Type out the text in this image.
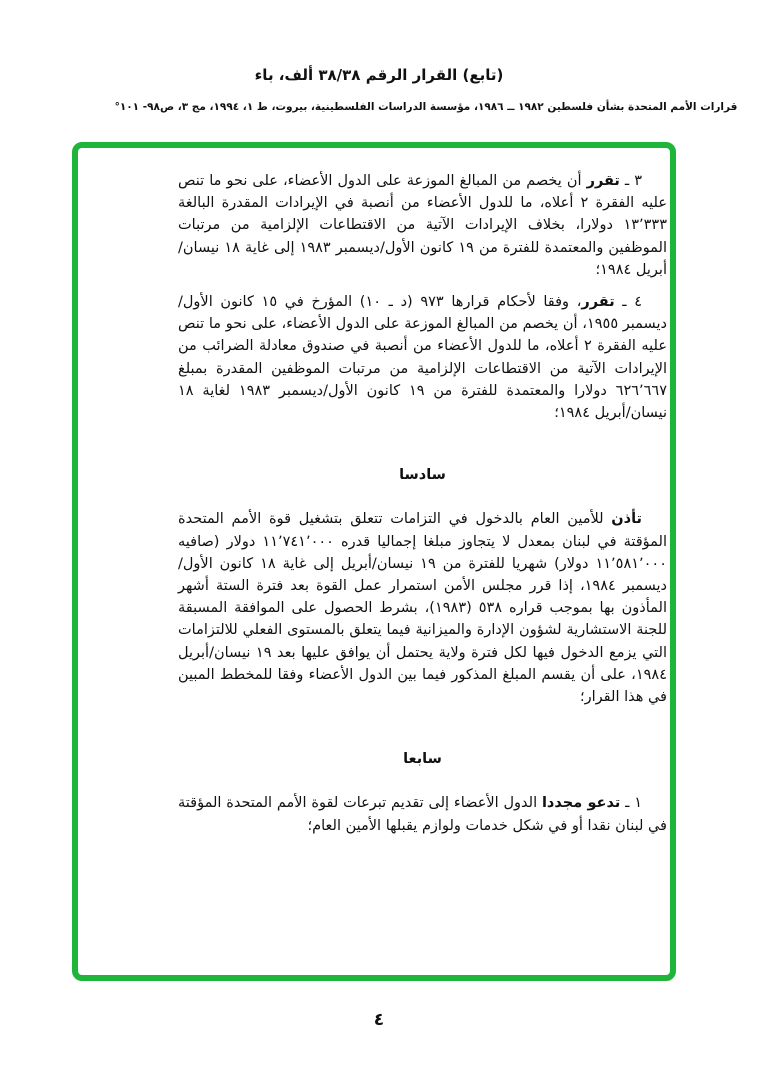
(تابع) القرار الرقم ٣٨/٣٨ ألف، باء
قرارات الأمم المتحدة بشأن فلسطين ١٩٨٢ ــ ١٩٨٦، مؤسسة الدراسات الفلسطينية، بيروت، ط ١، ١٩٩٤، مج ٣، ص٩٨- ١٠١°

٣ ـ تقرر أن يخصم من المبالغ الموزعة على الدول الأعضاء، على نحو ما تنص عليه الفقرة ٢ أعلاه، ما للدول الأعضاء من أنصبة في الإيرادات المقدرة البالغة ١٣٬٣٣٣ دولارا، بخلاف الإيرادات الآتية من الاقتطاعات الإلزامية من مرتبات الموظفين والمعتمدة للفترة من ١٩ كانون الأول/ديسمبر ١٩٨٣ إلى غاية ١٨ نيسان/أبريل ١٩٨٤؛

٤ ـ تقرر، وفقا لأحكام قرارها ٩٧٣ (د ـ ١٠) المؤرخ في ١٥ كانون الأول/ديسمبر ١٩٥٥، أن يخصم من المبالغ الموزعة على الدول الأعضاء، على نحو ما تنص عليه الفقرة ٢ أعلاه، ما للدول الأعضاء من أنصبة في صندوق معادلة الضرائب من الإيرادات الآتية من الاقتطاعات الإلزامية من مرتبات الموظفين المقدرة بمبلغ ٦٢٦٬٦٦٧ دولارا والمعتمدة للفترة من ١٩ كانون الأول/ديسمبر ١٩٨٣ لغاية ١٨ نيسان/أبريل ١٩٨٤؛

سادسا

تأذن للأمين العام بالدخول في التزامات تتعلق بتشغيل قوة الأمم المتحدة المؤقتة في لبنان بمعدل لا يتجاوز مبلغا إجماليا قدره ١١٬٧٤١٬٠٠٠ دولار (صافيه ١١٬٥٨١٬٠٠٠ دولار) شهريا للفترة من ١٩ نيسان/أبريل إلى غاية ١٨ كانون الأول/ديسمبر ١٩٨٤، إذا قرر مجلس الأمن استمرار عمل القوة بعد فترة الستة أشهر المأذون بها بموجب قراره ٥٣٨ (١٩٨٣)، بشرط الحصول على الموافقة المسبقة للجنة الاستشارية لشؤون الإدارة والميزانية فيما يتعلق بالمستوى الفعلي للالتزامات التي يزمع الدخول فيها لكل فترة ولاية يحتمل أن يوافق عليها بعد ١٩ نيسان/أبريل ١٩٨٤، على أن يقسم المبلغ المذكور فيما بين الدول الأعضاء وفقا للمخطط المبين في هذا القرار؛

سابعا

١ ـ تدعو مجددا الدول الأعضاء إلى تقديم تبرعات لقوة الأمم المتحدة المؤقتة في لبنان نقدا أو في شكل خدمات ولوازم يقبلها الأمين العام؛

٤
